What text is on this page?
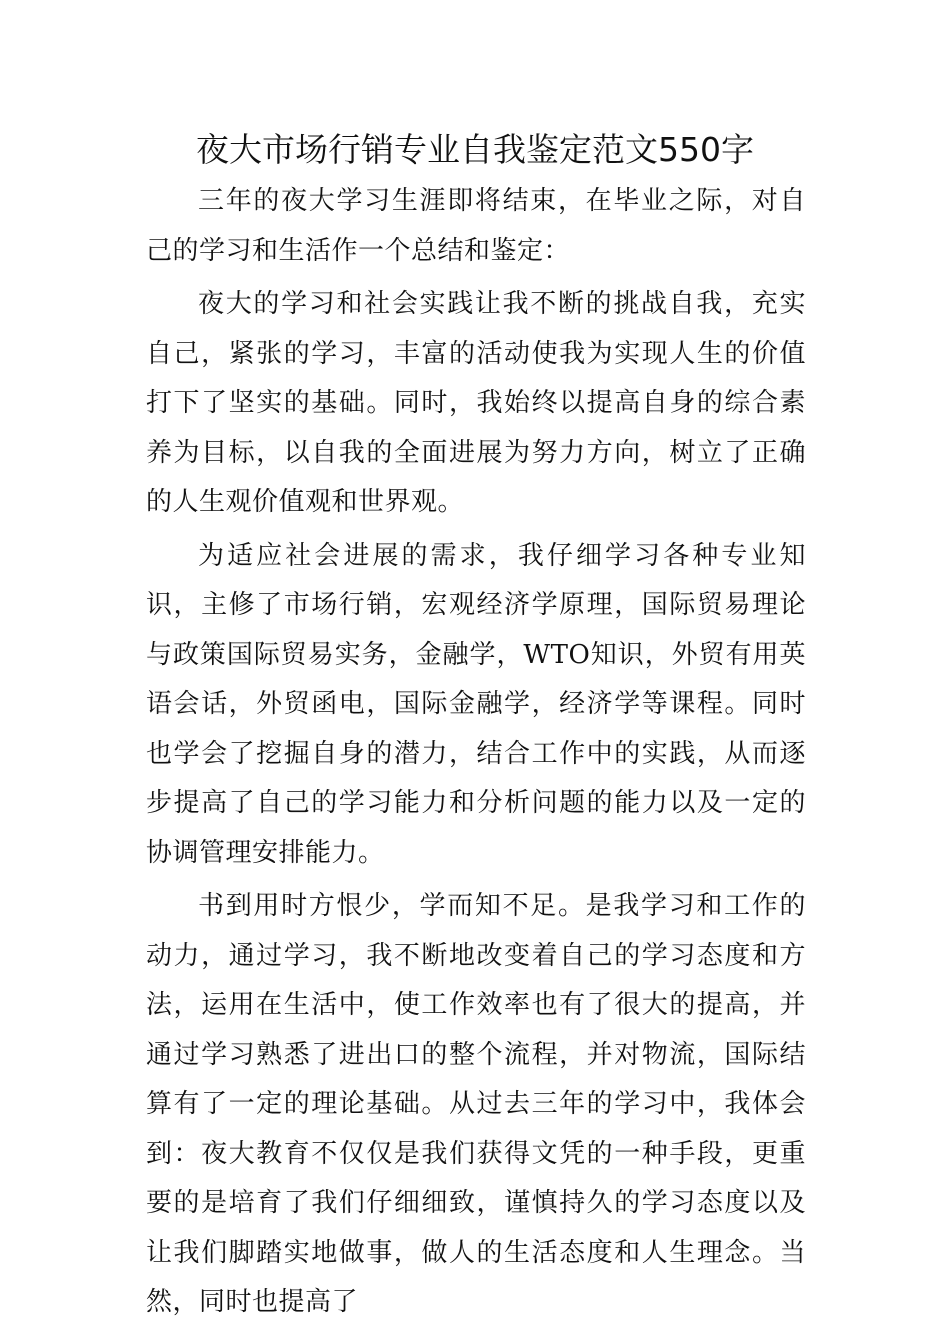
夜大市场行销专业自我鉴定范文550字

三年的夜大学习生涯即将结束，在毕业之际，对自己的学习和生活作一个总结和鉴定：

夜大的学习和社会实践让我不断的挑战自我，充实自己，紧张的学习，丰富的活动使我为实现人生的价值打下了坚实的基础。同时，我始终以提高自身的综合素养为目标，以自我的全面进展为努力方向，树立了正确的人生观价值观和世界观。

为适应社会进展的需求，我仔细学习各种专业知识，主修了市场行销，宏观经济学原理，国际贸易理论与政策国际贸易实务，金融学，WTO知识，外贸有用英语会话，外贸函电，国际金融学，经济学等课程。同时也学会了挖掘自身的潜力，结合工作中的实践，从而逐步提高了自己的学习能力和分析问题的能力以及一定的协调管理安排能力。

书到用时方恨少，学而知不足。是我学习和工作的动力，通过学习，我不断地改变着自己的学习态度和方法，运用在生活中，使工作效率也有了很大的提高，并通过学习熟悉了进出口的整个流程，并对物流，国际结算有了一定的理论基础。从过去三年的学习中，我体会到：夜大教育不仅仅是我们获得文凭的一种手段，更重要的是培育了我们仔细细致，谨慎持久的学习态度以及让我们脚踏实地做事，做人的生活态度和人生理念。当然，同时也提高了
